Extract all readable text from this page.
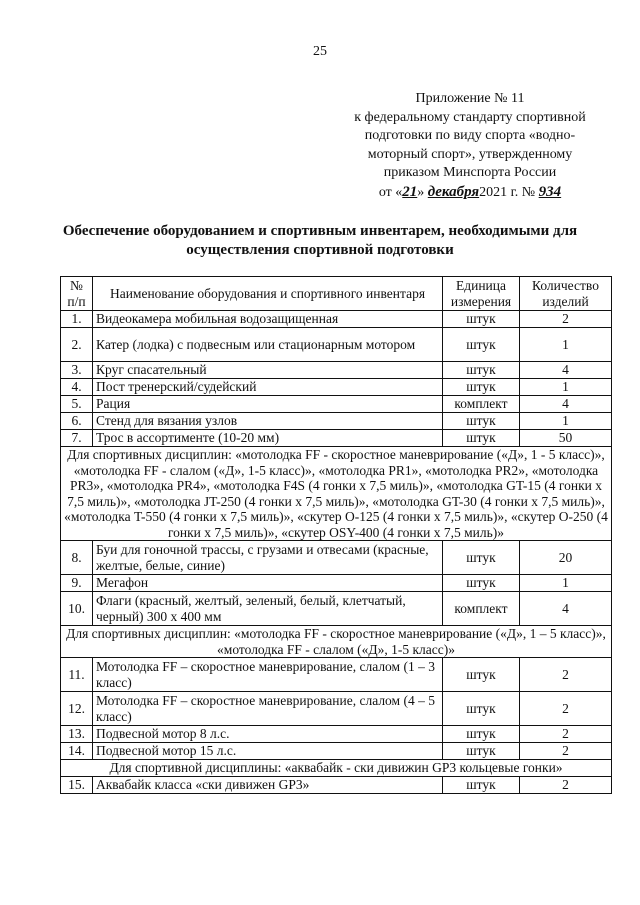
25
Приложение № 11
к федеральному стандарту спортивной
подготовки по виду спорта «водно-
моторный спорт», утвержденному
приказом Минспорта России
от «21» декабря2021 г. № 934
Обеспечение оборудованием и спортивным инвентарем, необходимыми для осуществления спортивной подготовки
№ п/п	Наименование оборудования и спортивного инвентаря	Единица измерения	Количество изделий
1.	Видеокамера мобильная водозащищенная	штук	2
2.	Катер (лодка) с подвесным или стационарным мотором	штук	1
3.	Круг спасательный	штук	4
4.	Пост тренерский/судейский	штук	1
5.	Рация	комплект	4
6.	Стенд для вязания узлов	штук	1
7.	Трос в ассортименте (10-20 мм)	штук	50
Для спортивных дисциплин: «мотолодка FF - скоростное маневрирование («Д», 1 - 5 класс)», «мотолодка FF - слалом («Д», 1-5 класс)», «мотолодка PR1», «мотолодка PR2», «мотолодка PR3», «мотолодка PR4», «мотолодка F4S (4 гонки x 7,5 миль)», «мотолодка GT-15 (4 гонки x 7,5 миль)», «мотолодка JT-250 (4 гонки x 7,5 миль)», «мотолодка GT-30 (4 гонки x 7,5 миль)», «мотолодка T-550 (4 гонки x 7,5 миль)», «скутер O-125 (4 гонки x 7,5 миль)», «скутер O-250 (4 гонки x 7,5 миль)», «скутер OSY-400 (4 гонки x 7,5 миль)»			
8.	Буи для гоночной трассы, с грузами и отвесами (красные, желтые, белые, синие)	штук	20
9.	Мегафон	штук	1
10.	Флаги (красный, желтый, зеленый, белый, клетчатый, черный) 300 х 400 мм	комплект	4
Для спортивных дисциплин: «мотолодка FF - скоростное маневрирование («Д», 1 – 5 класс)», «мотолодка FF - слалом («Д», 1-5 класс)»			
11.	Мотолодка FF – скоростное маневрирование, слалом (1 – 3 класс)	штук	2
12.	Мотолодка FF – скоростное маневрирование, слалом (4 – 5 класс)	штук	2
13.	Подвесной мотор 8 л.с.	штук	2
14.	Подвесной мотор 15 л.с.	штук	2
Для спортивной дисциплины: «аквабайк - ски дивижин GP3 кольцевые гонки»			
15.	Аквабайк класса «ски дивижен GP3»	штук	2
